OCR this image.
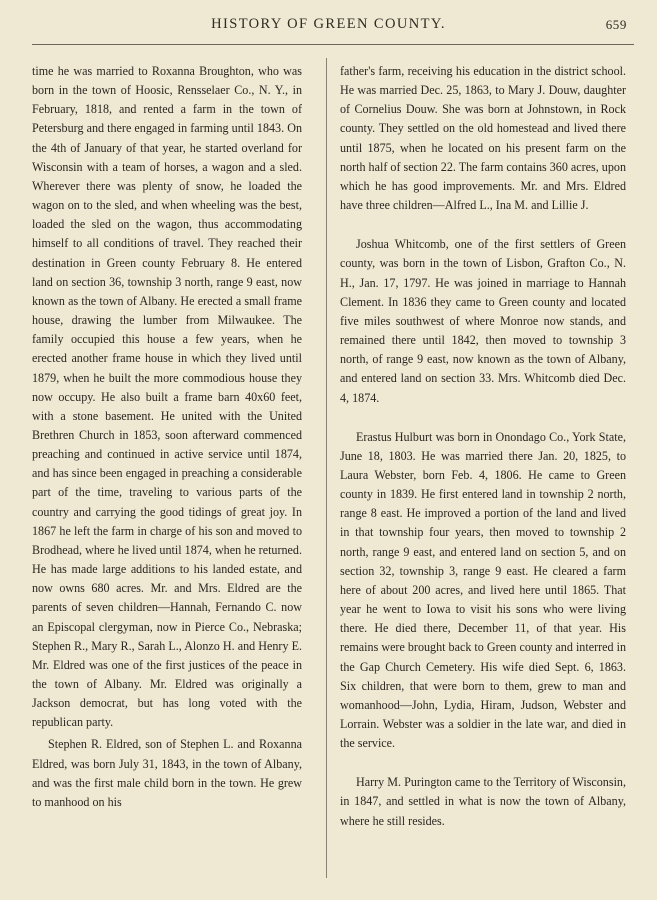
HISTORY OF GREEN COUNTY.	659

time he was married to Roxanna Broughton, who was born in the town of Hoosic, Rensselaer Co., N. Y., in February, 1818, and rented a farm in the town of Petersburg and there engaged in farming until 1843. On the 4th of January of that year, he started overland for Wisconsin with a team of horses, a wagon and a sled. Wherever there was plenty of snow, he loaded the wagon on to the sled, and when wheeling was the best, loaded the sled on the wagon, thus accommodating himself to all conditions of travel. They reached their destination in Green county February 8. He entered land on section 36, township 3 north, range 9 east, now known as the town of Albany. He erected a small frame house, drawing the lumber from Milwaukee. The family occupied this house a few years, when he erected another frame house in which they lived until 1879, when he built the more commodious house they now occupy. He also built a frame barn 40x60 feet, with a stone basement. He united with the United Brethren Church in 1853, soon afterward commenced preaching and continued in active service until 1874, and has since been engaged in preaching a considerable part of the time, traveling to various parts of the country and carrying the good tidings of great joy. In 1867 he left the farm in charge of his son and moved to Brodhead, where he lived until 1874, when he returned. He has made large additions to his landed estate, and now owns 680 acres. Mr. and Mrs. Eldred are the parents of seven children—Hannah, Fernando C. now an Episcopal clergyman, now in Pierce Co., Nebraska; Stephen R., Mary R., Sarah L., Alonzo H. and Henry E. Mr. Eldred was one of the first justices of the peace in the town of Albany. Mr. Eldred was originally a Jackson democrat, but has long voted with the republican party.

Stephen R. Eldred, son of Stephen L. and Roxanna Eldred, was born July 31, 1843, in the town of Albany, and was the first male child born in the town. He grew to manhood on his

father's farm, receiving his education in the district school. He was married Dec. 25, 1863, to Mary J. Douw, daughter of Cornelius Douw. She was born at Johnstown, in Rock county. They settled on the old homestead and lived there until 1875, when he located on his present farm on the north half of section 22. The farm contains 360 acres, upon which he has good improvements. Mr. and Mrs. Eldred have three children—Alfred L., Ina M. and Lillie J.

Joshua Whitcomb, one of the first settlers of Green county, was born in the town of Lisbon, Grafton Co., N. H., Jan. 17, 1797. He was joined in marriage to Hannah Clement. In 1836 they came to Green county and located five miles southwest of where Monroe now stands, and remained there until 1842, then moved to township 3 north, of range 9 east, now known as the town of Albany, and entered land on section 33. Mrs. Whitcomb died Dec. 4, 1874.

Erastus Hulburt was born in Onondago Co., York State, June 18, 1803. He was married there Jan. 20, 1825, to Laura Webster, born Feb. 4, 1806. He came to Green county in 1839. He first entered land in township 2 north, range 8 east. He improved a portion of the land and lived in that township four years, then moved to township 2 north, range 9 east, and entered land on section 5, and on section 32, township 3, range 9 east. He cleared a farm here of about 200 acres, and lived here until 1865. That year he went to Iowa to visit his sons who were living there. He died there, December 11, of that year. His remains were brought back to Green county and interred in the Gap Church Cemetery. His wife died Sept. 6, 1863. Six children, that were born to them, grew to man and womanhood—John, Lydia, Hiram, Judson, Webster and Lorrain. Webster was a soldier in the late war, and died in the service.

Harry M. Purington came to the Territory of Wisconsin, in 1847, and settled in what is now the town of Albany, where he still resides.
